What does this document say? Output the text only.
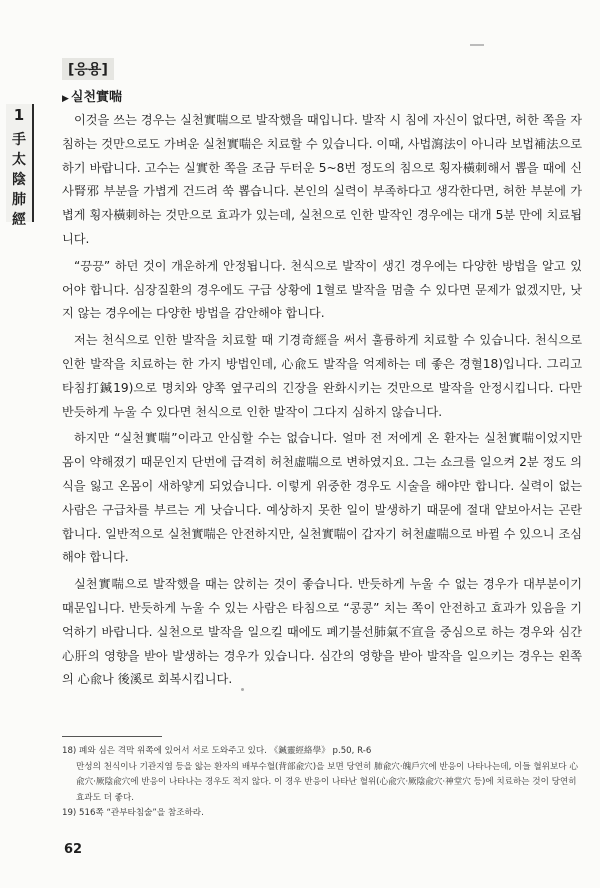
1
手太陰肺經
[응용]
▶ 실천實喘

이것을 쓰는 경우는 실천實喘으로 발작했을 때입니다. 발작 시 침에 자신이 없다면, 허한 쪽을 자침하는 것만으로도 가벼운 실천實喘은 치료할 수 있습니다. 이때, 사법瀉法이 아니라 보법補法으로 하기 바랍니다. 고수는 실實한 쪽을 조금 두터운 5~8번 정도의 침으로 횡자橫刺해서 뽑을 때에 신사腎邪 부분을 가볍게 건드려 쑥 뽑습니다. 본인의 실력이 부족하다고 생각한다면, 허한 부분에 가볍게 횡자橫刺하는 것만으로 효과가 있는데, 실천으로 인한 발작인 경우에는 대개 5분 만에 치료됩니다.

“끙끙” 하던 것이 개운하게 안정됩니다. 천식으로 발작이 생긴 경우에는 다양한 방법을 알고 있어야 합니다. 심장질환의 경우에도 구급 상황에 1혈로 발작을 멈출 수 있다면 문제가 없겠지만, 낫지 않는 경우에는 다양한 방법을 감안해야 합니다.

저는 천식으로 인한 발작을 치료할 때 기경奇經을 써서 훌륭하게 치료할 수 있습니다. 천식으로 인한 발작을 치료하는 한 가지 방법인데, 心兪도 발작을 억제하는 데 좋은 경혈18)입니다. 그리고 타침打鍼19)으로 명치와 양쪽 옆구리의 긴장을 완화시키는 것만으로 발작을 안정시킵니다. 다만 반듯하게 누울 수 있다면 천식으로 인한 발작이 그다지 심하지 않습니다.

하지만 “실천實喘”이라고 안심할 수는 없습니다. 얼마 전 저에게 온 환자는 실천實喘이었지만 몸이 약해졌기 때문인지 단번에 급격히 허천虛喘으로 변하였지요. 그는 쇼크를 일으켜 2분 정도 의식을 잃고 온몸이 새하얗게 되었습니다. 이렇게 위중한 경우도 시술을 해야만 합니다. 실력이 없는 사람은 구급차를 부르는 게 낫습니다. 예상하지 못한 일이 발생하기 때문에 절대 얕보아서는 곤란합니다. 일반적으로 실천實喘은 안전하지만, 실천實喘이 갑자기 허천虛喘으로 바뀔 수 있으니 조심해야 합니다.

실천實喘으로 발작했을 때는 앉히는 것이 좋습니다. 반듯하게 누울 수 없는 경우가 대부분이기 때문입니다. 반듯하게 누울 수 있는 사람은 타침으로 “콩콩” 치는 쪽이 안전하고 효과가 있음을 기억하기 바랍니다. 실천으로 발작을 일으킬 때에도 폐기불선肺氣不宣을 중심으로 하는 경우와 심간心肝의 영향을 받아 발생하는 경우가 있습니다. 심간의 영향을 받아 발작을 일으키는 경우는 왼쪽의 心兪나 後溪로 회복시킵니다.

18) 폐와 심은 격막 위쪽에 있어서 서로 도와주고 있다. 《鍼靈經絡學》 p.50, R-6

만성의 천식이나 기관지염 등을 앓는 환자의 배부수혈(背部兪穴)을 보면 당연히 肺兪穴·魄戶穴에 반응이 나타나는데, 이들 혈위보다 心兪穴·厥陰兪穴에 반응이 나타나는 경우도 적지 않다. 이 경우 반응이 나타난 혈위(心兪穴·厥陰兪穴·神堂穴 등)에 치료하는 것이 당연히 효과도 더 좋다.

19) 516쪽 “관부타침술”을 참조하라.

62
